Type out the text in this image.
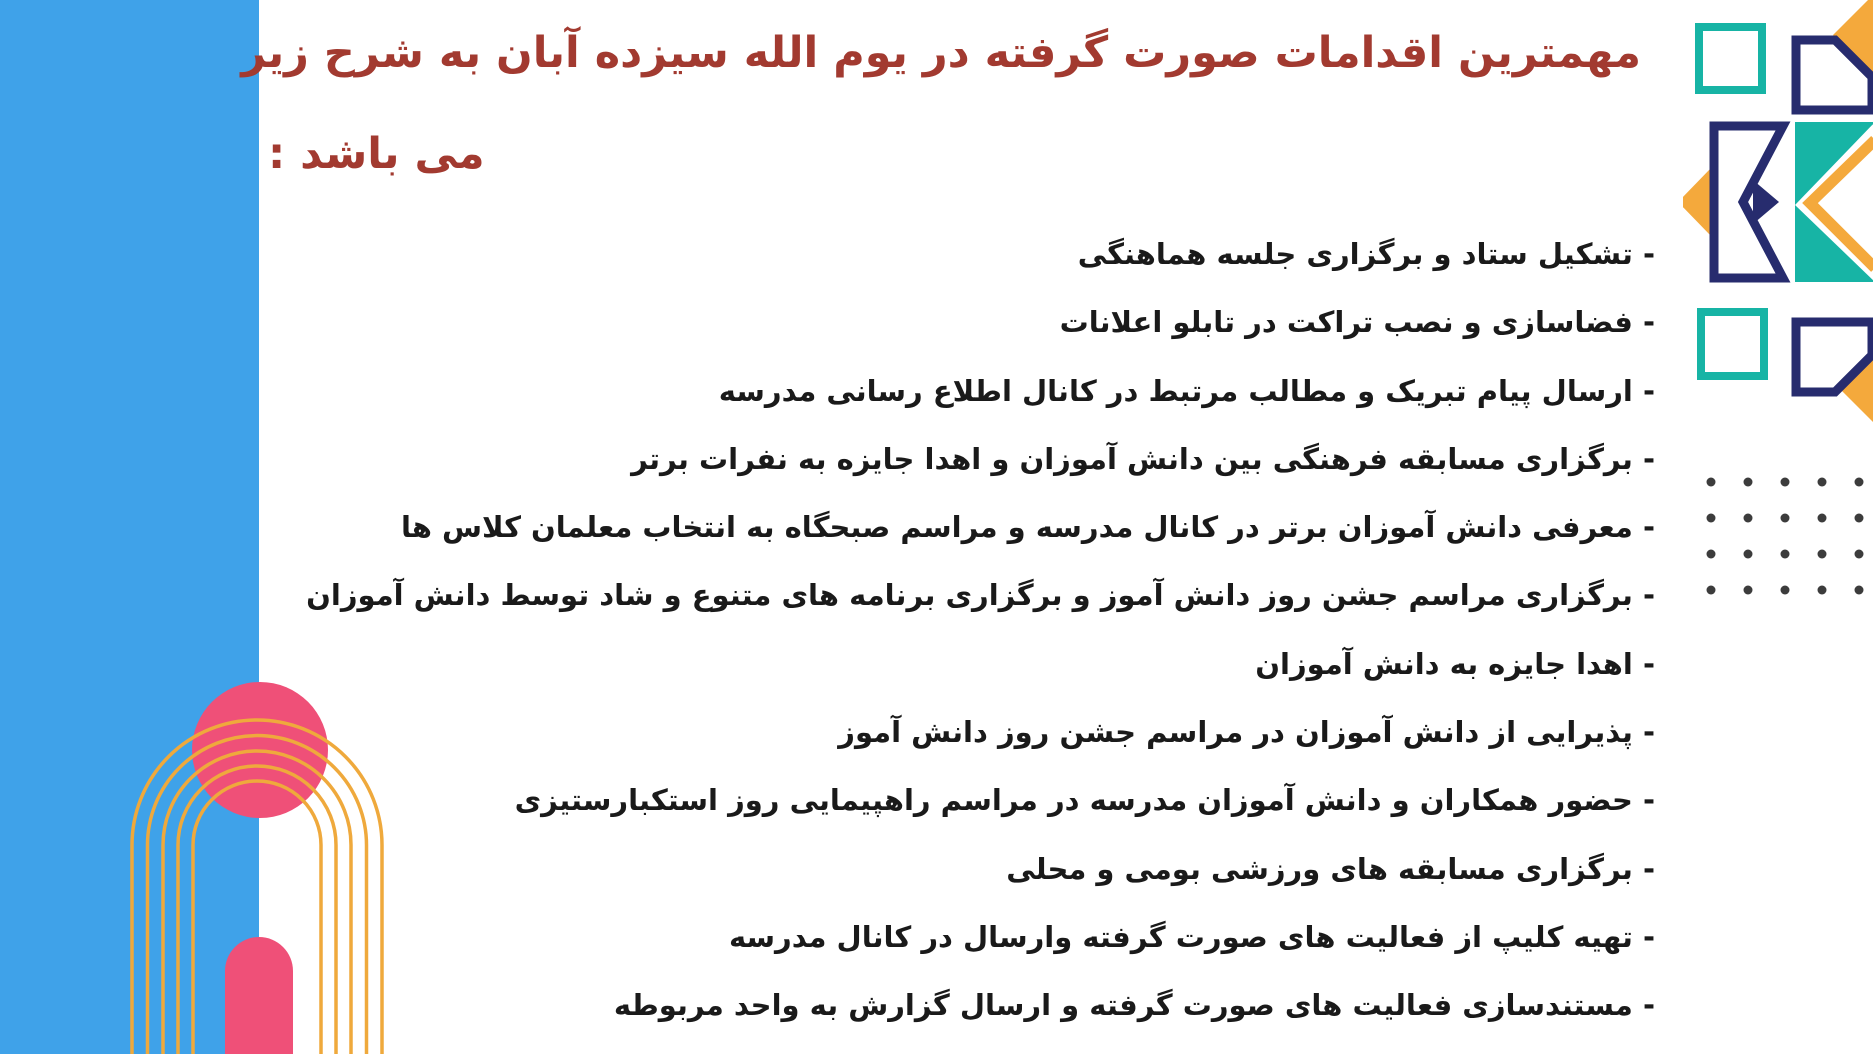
مهمترین اقدامات صورت گرفته در یوم الله سیزده آبان به شرح زیر
می باشد :
- تشکیل ستاد و برگزاری جلسه هماهنگی
- فضاسازی و نصب تراکت در تابلو اعلانات
- ارسال پیام تبریک و مطالب مرتبط در کانال اطلاع رسانی مدرسه
- برگزاری مسابقه فرهنگی بین دانش آموزان و اهدا جایزه به نفرات برتر
- معرفی دانش آموزان برتر در کانال مدرسه و مراسم صبحگاه به انتخاب معلمان کلاس ها
- برگزاری مراسم جشن روز دانش آموز و برگزاری برنامه های متنوع و شاد توسط دانش آموزان
- اهدا جایزه به دانش آموزان
- پذیرایی از دانش آموزان در مراسم جشن روز دانش آموز
- حضور همکاران و دانش آموزان مدرسه در مراسم راهپیمایی روز استکبارستیزی
- برگزاری مسابقه های ورزشی بومی و محلی
- تهیه کلیپ از فعالیت های صورت گرفته وارسال در کانال مدرسه
- مستندسازی فعالیت های صورت گرفته و ارسال گزارش به واحد مربوطه
